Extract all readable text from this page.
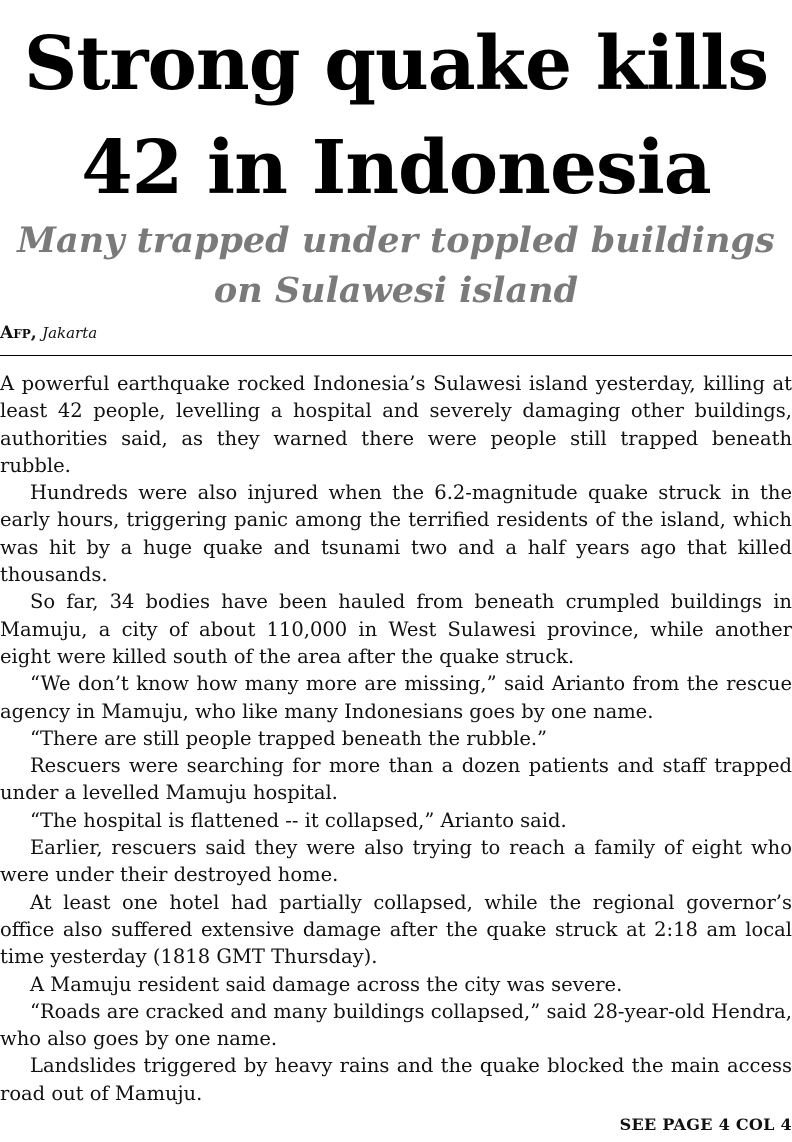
Strong quake kills 42 in Indonesia
Many trapped under toppled buildings on Sulawesi island
Afp, Jakarta

A powerful earthquake rocked Indonesia’s Sulawesi island yesterday, killing at least 42 people, levelling a hospital and severely damaging other buildings, authorities said, as they warned there were people still trapped beneath rubble.

Hundreds were also injured when the 6.2-magnitude quake struck in the early hours, triggering panic among the terrified residents of the island, which was hit by a huge quake and tsunami two and a half years ago that killed thousands.

So far, 34 bodies have been hauled from beneath crumpled buildings in Mamuju, a city of about 110,000 in West Sulawesi province, while another eight were killed south of the area after the quake struck.

“We don’t know how many more are missing,” said Arianto from the rescue agency in Mamuju, who like many Indonesians goes by one name.

“There are still people trapped beneath the rubble.”

Rescuers were searching for more than a dozen patients and staff trapped under a levelled Mamuju hospital.

“The hospital is flattened -- it collapsed,” Arianto said.

Earlier, rescuers said they were also trying to reach a family of eight who were under their destroyed home.

At least one hotel had partially collapsed, while the regional governor’s office also suffered extensive damage after the quake struck at 2:18 am local time yesterday (1818 GMT Thursday).

A Mamuju resident said damage across the city was severe.

“Roads are cracked and many buildings collapsed,” said 28-year-old Hendra, who also goes by one name.

Landslides triggered by heavy rains and the quake blocked the main access road out of Mamuju.

SEE PAGE 4 COL 4
